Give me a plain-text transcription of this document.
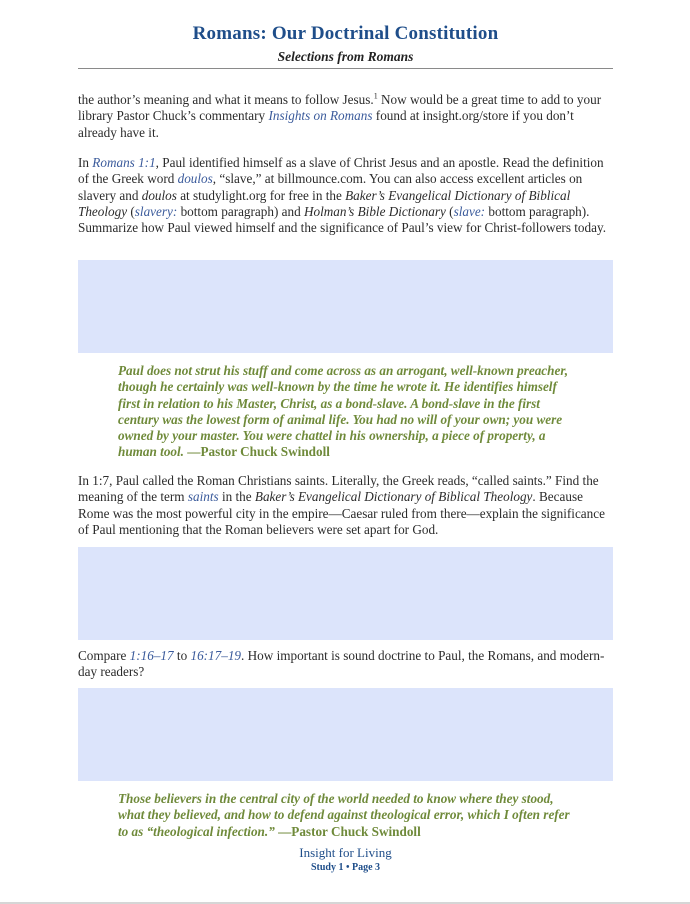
Romans: Our Doctrinal Constitution
Selections from Romans
the author’s meaning and what it means to follow Jesus.$^1$ Now would be a great time to add to your library Pastor Chuck’s commentary Insights on Romans found at insight.org/store if you don’t already have it.
In Romans 1:1, Paul identified himself as a slave of Christ Jesus and an apostle. Read the definition of the Greek word doulos, “slave,” at billmounce.com. You can also access excellent articles on slavery and doulos at studylight.org for free in the Baker’s Evangelical Dictionary of Biblical Theology (slavery: bottom paragraph) and Holman’s Bible Dictionary (slave: bottom paragraph). Summarize how Paul viewed himself and the significance of Paul’s view for Christ-followers today.
Paul does not strut his stuff and come across as an arrogant, well-known preacher, though he certainly was well-known by the time he wrote it. He identifies himself first in relation to his Master, Christ, as a bond-slave. A bond-slave in the first century was the lowest form of animal life. You had no will of your own; you were owned by your master. You were chattel in his ownership, a piece of property, a human tool. —Pastor Chuck Swindoll
In 1:7, Paul called the Roman Christians saints. Literally, the Greek reads, “called saints.” Find the meaning of the term saints in the Baker’s Evangelical Dictionary of Biblical Theology. Because Rome was the most powerful city in the empire—Caesar ruled from there—explain the significance of Paul mentioning that the Roman believers were set apart for God.
Compare 1:16–17 to 16:17–19. How important is sound doctrine to Paul, the Romans, and modern-day readers?
Those believers in the central city of the world needed to know where they stood, what they believed, and how to defend against theological error, which I often refer to as “theological infection.” —Pastor Chuck Swindoll
Insight for Living
Study 1 • Page 3
